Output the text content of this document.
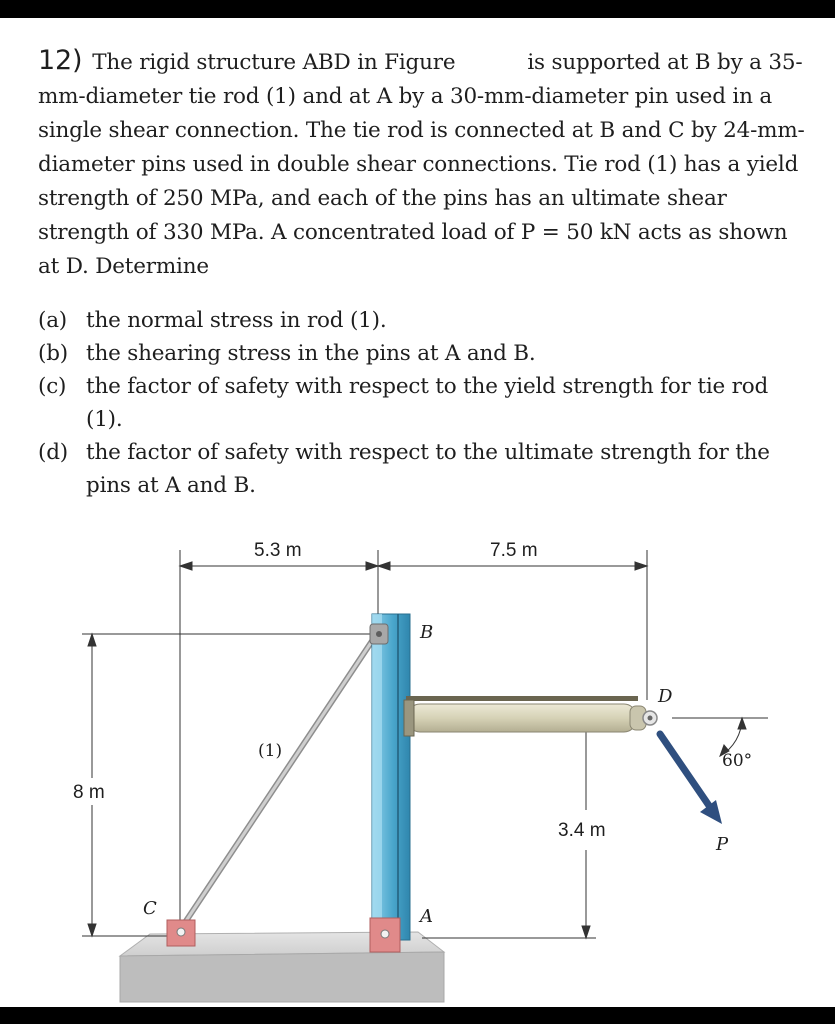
12) The rigid structure ABD in Figure	is supported at B by a 35-mm-diameter tie rod (1) and at A by a 30-mm-diameter pin used in a single shear connection. The tie rod is connected at B and C by 24-mm-diameter pins used in double shear connections. Tie rod (1) has a yield strength of 250 MPa, and each of the pins has an ultimate shear strength of 330 MPa. A concentrated load of P = 50 kN acts as shown at D. Determine

(a) the normal stress in rod (1).
(b) the shearing stress in the pins at A and B.
(c) the factor of safety with respect to the yield strength for tie rod (1).
(d) the factor of safety with respect to the ultimate strength for the pins at A and B.
5.3 m	7.5 m
8 m
3.4 m
(1)
B
D
60°
P
C	A
